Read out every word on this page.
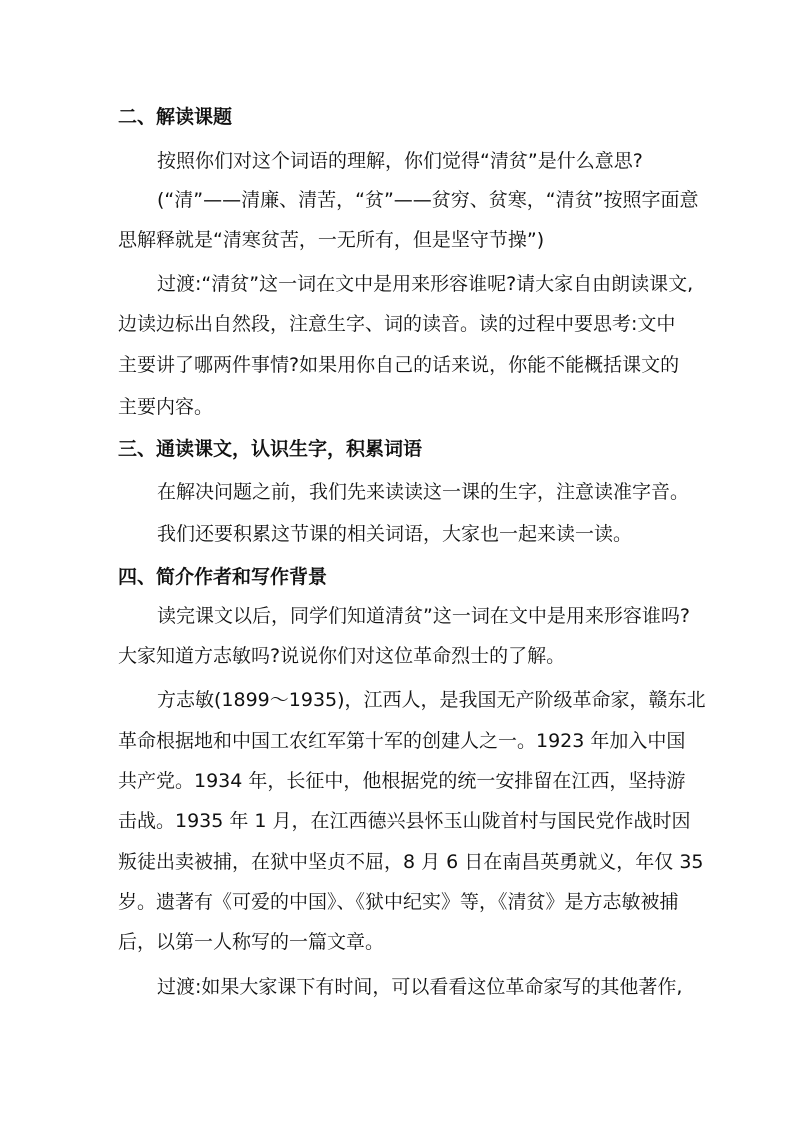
二、解读课题
按照你们对这个词语的理解，你们觉得“清贫”是什么意思?
(“清”——清廉、清苦，“贫”——贫穷、贫寒，“清贫”按照字面意
思解释就是“清寒贫苦，一无所有，但是坚守节操”)
过渡:“清贫”这一词在文中是用来形容谁呢?请大家自由朗读课文,
边读边标出自然段，注意生字、词的读音。读的过程中要思考:文中
主要讲了哪两件事情?如果用你自己的话来说，你能不能概括课文的
主要内容。
三、通读课文，认识生字，积累词语
在解决问题之前，我们先来读读这一课的生字，注意读准字音。
我们还要积累这节课的相关词语，大家也一起来读一读。
四、简介作者和写作背景
读完课文以后，同学们知道清贫”这一词在文中是用来形容谁吗?
大家知道方志敏吗?说说你们对这位革命烈士的了解。
方志敏(1899～1935)，江西人，是我国无产阶级革命家，赣东北
革命根据地和中国工农红军第十军的创建人之一。1923 年加入中国
共产党。1934 年，长征中，他根据党的统一安排留在江西，坚持游
击战。1935 年 1 月，在江西德兴县怀玉山陇首村与国民党作战时因
叛徒出卖被捕，在狱中坚贞不屈，8 月 6 日在南昌英勇就义，年仅 35
岁。遗著有《可爱的中国》、《狱中纪实》等，《清贫》是方志敏被捕
后，以第一人称写的一篇文章。
过渡:如果大家课下有时间，可以看看这位革命家写的其他著作,
